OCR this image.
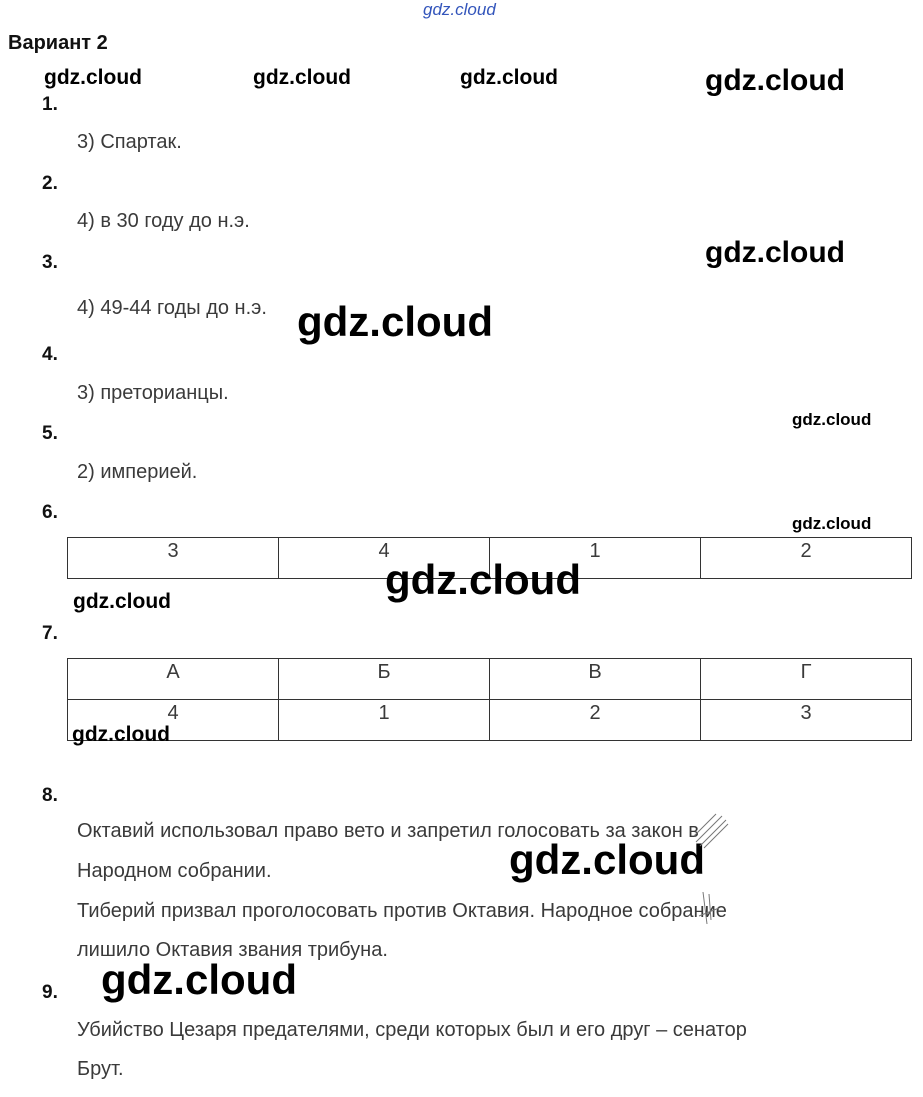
gdz.cloud
Вариант 2
gdz.cloud	gdz.cloud	gdz.cloud	gdz.cloud
1.
3) Спартак.
2.
4) в 30 году до н.э.
gdz.cloud
3.
4) 49-44 годы до н.э. gdz.cloud
4.
3) преторианцы.
gdz.cloud
5.
2) империей.
6.
gdz.cloud
3	4	1	2
gdz.cloud
gdz.cloud
7.
А	Б	В	Г
4	1	2	3
gdz.cloud
8.
Октавий использовал право вето и запретил голосовать за закон в
Народном собрании.
Тиберий призвал проголосовать против Октавия. Народное собрание
лишило Октавия звания трибуна.
gdz.cloud
9. gdz.cloud
Убийство Цезаря предателями, среди которых был и его друг – сенатор
Брут.
